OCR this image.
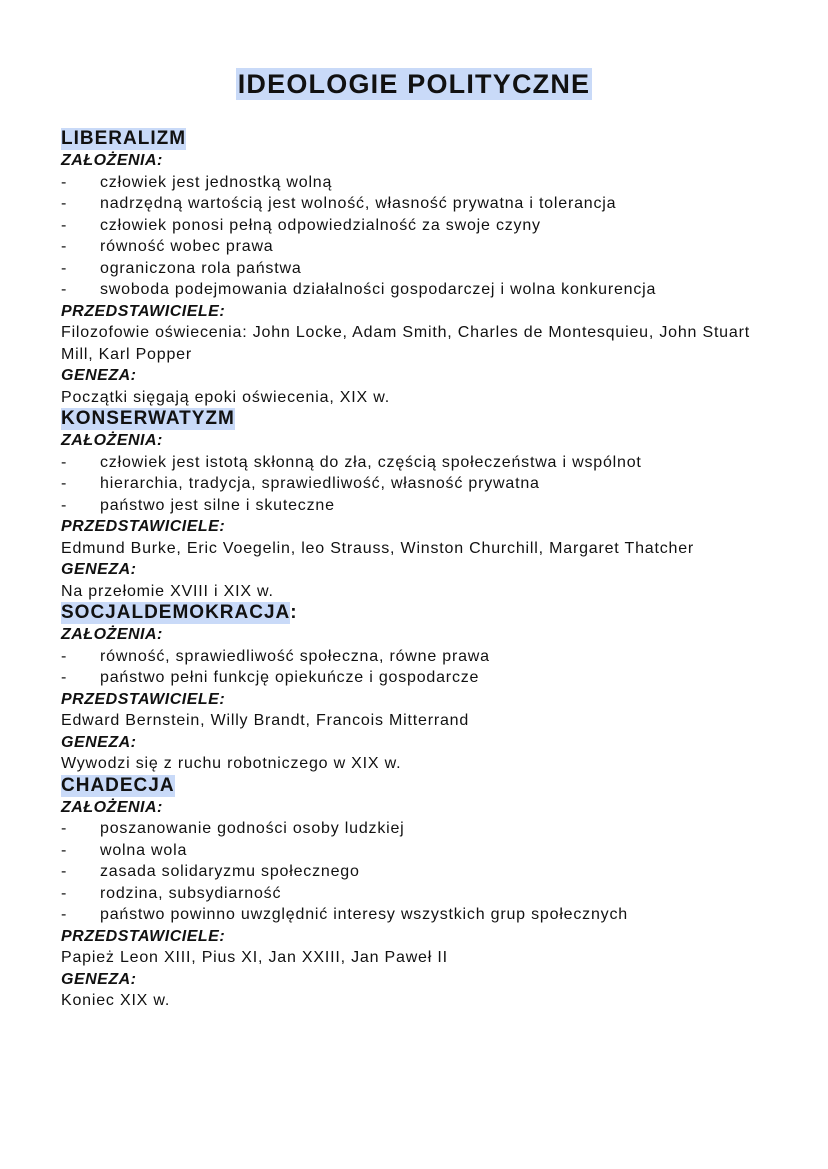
IDEOLOGIE POLITYCZNE
LIBERALIZM
ZAŁOŻENIA:
- człowiek jest jednostką wolną
- nadrzędną wartością jest wolność, własność prywatna i tolerancja
- człowiek ponosi pełną odpowiedzialność za swoje czyny
- równość wobec prawa
- ograniczona rola państwa
- swoboda podejmowania działalności gospodarczej i wolna konkurencja
PRZEDSTAWICIELE:
Filozofowie oświecenia: John Locke, Adam Smith, Charles de Montesquieu, John Stuart Mill, Karl Popper
GENEZA:
Początki sięgają epoki oświecenia, XIX w.
KONSERWATYZM
ZAŁOŻENIA:
- człowiek jest istotą skłonną do zła, częścią społeczeństwa i wspólnot
- hierarchia, tradycja, sprawiedliwość, własność prywatna
- państwo jest silne i skuteczne
PRZEDSTAWICIELE:
Edmund Burke, Eric Voegelin, leo Strauss, Winston Churchill, Margaret Thatcher
GENEZA:
Na przełomie XVIII i XIX w.
SOCJALDEMOKRACJA:
ZAŁOŻENIA:
- równość, sprawiedliwość społeczna, równe prawa
- państwo pełni funkcję opiekuńcze i gospodarcze
PRZEDSTAWICIELE:
Edward Bernstein, Willy Brandt, Francois Mitterrand
GENEZA:
Wywodzi się z ruchu robotniczego w XIX w.
CHADECJA
ZAŁOŻENIA:
- poszanowanie godności osoby ludzkiej
- wolna wola
- zasada solidaryzmu społecznego
- rodzina, subsydiarność
- państwo powinno uwzględnić interesy wszystkich grup społecznych
PRZEDSTAWICIELE:
Papież Leon XIII, Pius XI, Jan XXIII, Jan Paweł II
GENEZA:
Koniec XIX w.
